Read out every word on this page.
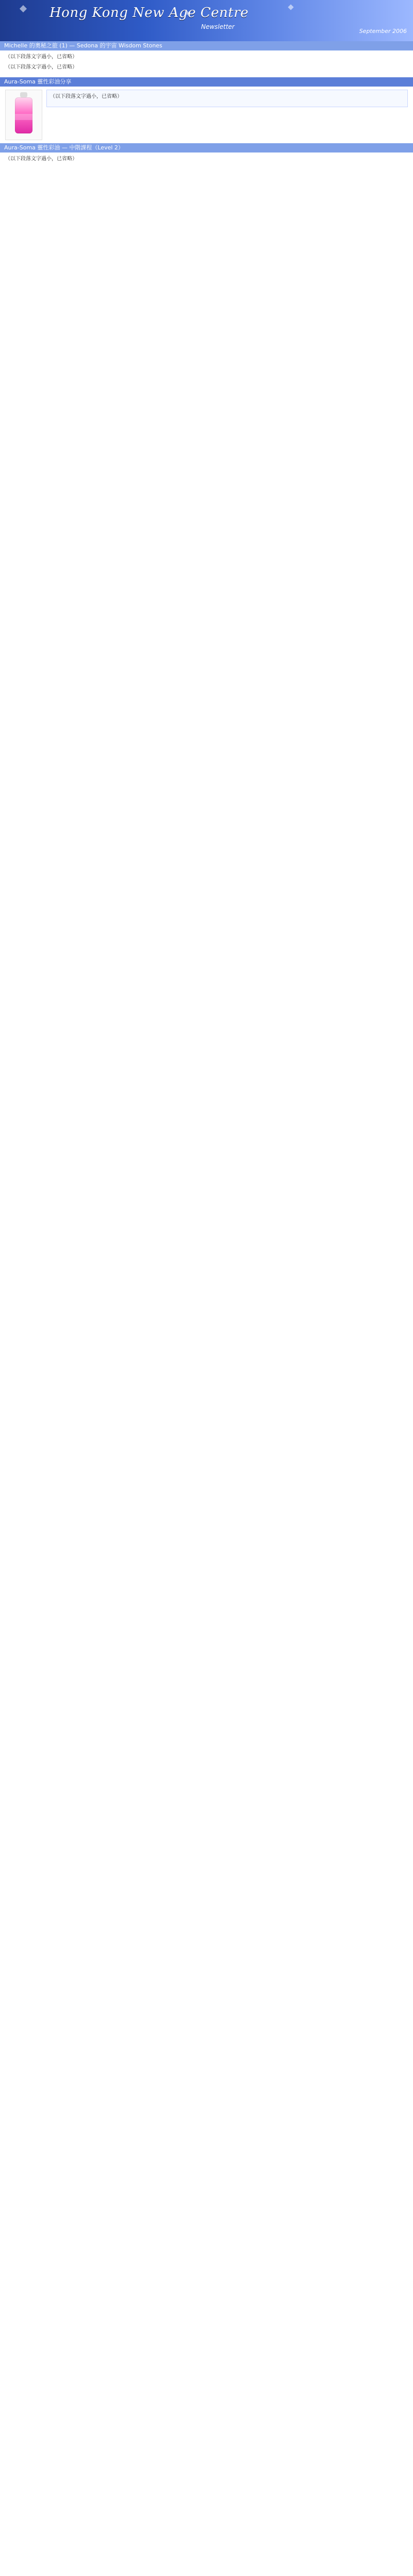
Hong Kong New Age Centre
Newsletter
September 2006
Michelle 的奧秘之旅 (1) — Sedona 的宇宙 Wisdom Stones

（以下段落文字過小，已省略）

（以下段落文字過小，已省略）

Aura-Soma 靈性彩油分享

（以下段落文字過小，已省略）

Aura-Soma 靈性彩油 — 中階課程（Level 2）

（以下段落文字過小，已省略）
